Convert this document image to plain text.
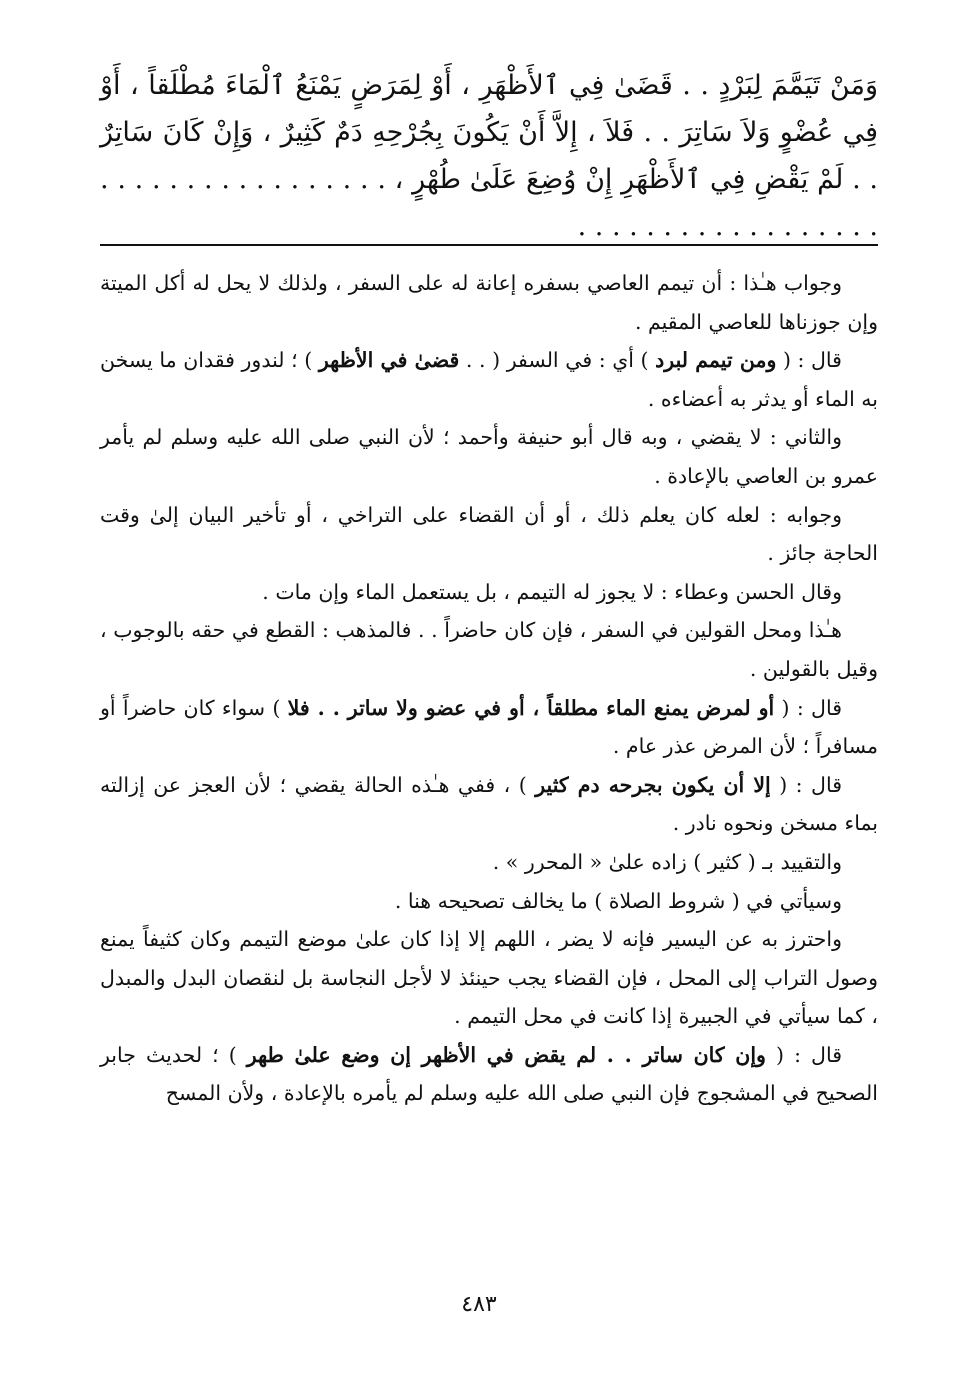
وَمَنْ تَيَمَّمَ لِبَرْدٍ . . قَضَىٰ فِي ٱلأَظْهَرِ ، أَوْ لِمَرَضٍ يَمْنَعُ ٱلْمَاءَ مُطْلَقاً ، أَوْ فِي عُضْوٍ وَلاَ سَاتِرَ . . فَلاَ ، إِلاَّ أَنْ يَكُونَ بِجُرْحِهِ دَمٌ كَثِيرٌ ، وَإِنْ كَانَ سَاتِرٌ . . لَمْ يَقْضِ فِي ٱلأَظْهَرِ إِنْ وُضِعَ عَلَىٰ طُهْرٍ ، . . . . . . . . . . . . . . . . . . . . . . . . . . . . . . . . . . .

وجواب هـٰذا : أن تيمم العاصي بسفره إعانة له على السفر ، ولذلك لا يحل له أكل الميتة وإن جوزناها للعاصي المقيم .

قال : ( ومن تيمم لبرد ) أي : في السفر ( . . قضىٰ في الأظهر ) ؛ لندور فقدان ما يسخن به الماء أو يدثر به أعضاءه .

والثاني : لا يقضي ، وبه قال أبو حنيفة وأحمد ؛ لأن النبي صلى الله عليه وسلم لم يأمر عمرو بن العاصي بالإعادة .

وجوابه : لعله كان يعلم ذلك ، أو أن القضاء على التراخي ، أو تأخير البيان إلىٰ وقت الحاجة جائز .

وقال الحسن وعطاء : لا يجوز له التيمم ، بل يستعمل الماء وإن مات .

هـٰذا ومحل القولين في السفر ، فإن كان حاضراً . . فالمذهب : القطع في حقه بالوجوب ، وقيل بالقولين .

قال : ( أو لمرض يمنع الماء مطلقاً ، أو في عضو ولا ساتر . . فلا ) سواء كان حاضراً أو مسافراً ؛ لأن المرض عذر عام .

قال : ( إلا أن يكون بجرحه دم كثير ) ، ففي هـٰذه الحالة يقضي ؛ لأن العجز عن إزالته بماء مسخن ونحوه نادر .

والتقييد بـ ( كثير ) زاده علىٰ « المحرر » .

وسيأتي في ( شروط الصلاة ) ما يخالف تصحيحه هنا .

واحترز به عن اليسير فإنه لا يضر ، اللهم إلا إذا كان علىٰ موضع التيمم وكان كثيفاً يمنع وصول التراب إلى المحل ، فإن القضاء يجب حينئذ لا لأجل النجاسة بل لنقصان البدل والمبدل ، كما سيأتي في الجبيرة إذا كانت في محل التيمم .

قال : ( وإن كان ساتر . . لم يقض في الأظهر إن وضع علىٰ طهر ) ؛ لحديث جابر الصحيح في المشجوج فإن النبي صلى الله عليه وسلم لم يأمره بالإعادة ، ولأن المسح

٤٨٣
